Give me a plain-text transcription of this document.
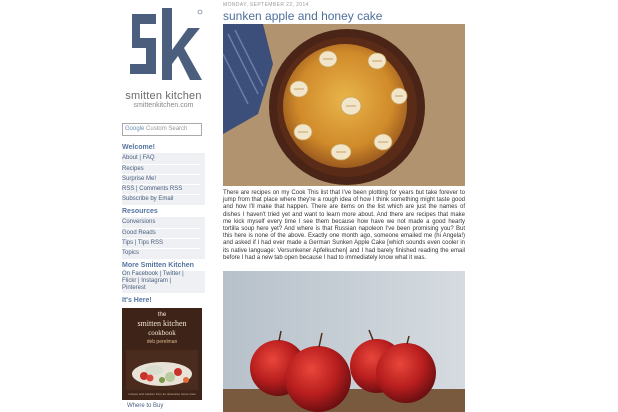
smitten kitchen
smittenkitchen.com
Google Custom Search
Welcome!
About | FAQ
Recipes
Surprise Me!
RSS | Comments RSS
Subscribe by Email
Resources
Conversions
Good Reads
Tips | Tips RSS
Topics
More Smitten Kitchen
On Facebook | Twitter |
Flickr | Instagram |
Pinterest
It's Here!
the
smitten kitchen
cookbook
deb perelman
recipes and wisdom from an obsessive home cook
Where to Buy
MONDAY, SEPTEMBER 22, 2014
sunken apple and honey cake
There are recipes on my Cook This list that I've been plotting for years but take forever to jump from that place where they're a rough idea of how I think something might taste good and how I'll make that happen. There are items on the list which are just the names of dishes I haven't tried yet and want to learn more about. And there are recipes that make me kick myself every time I see them because how have we not made a good hearty tortilla soup here yet? And where is that Russian napoleon I've been promising you? But this here is none of the above. Exactly one month ago, someone emailed me (hi Angela!) and asked if I had ever made a German Sunken Apple Cake [which sounds even cooler in its native language: Versunkener Apfelkuchen] and I had barely finished reading the email before I had a new tab open because I had to immediately know what it was.
